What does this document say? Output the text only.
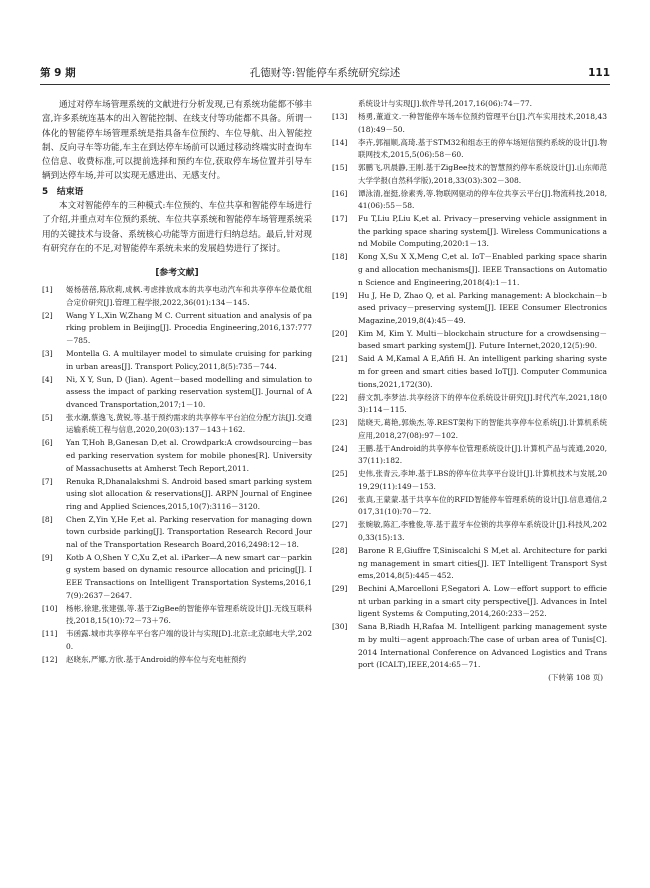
第 9 期	孔德财等:智能停车系统研究综述	111

通过对停车场管理系统的文献进行分析发现,已有系统功能都不够丰富,许多系统连基本的出入智能控制、在线支付等功能都不具备。所谓一体化的智能停车场管理系统是指具备车位预约、车位导航、出入智能控制、反向寻车等功能,车主在到达停车场前可以通过移动终端实时查询车位信息、收费标准,可以提前选择和预约车位,获取停车场位置并引导车辆到达停车场,并可以实现无感进出、无感支付。

5　结束语

本文对智能停车的三种模式:车位预约、车位共享和智能停车场进行了介绍,并重点对车位预约系统、车位共享系统和智能停车场管理系统采用的关键技术与设备、系统核心功能等方面进行归纳总结。最后,针对现有研究存在的不足,对智能停车系统未来的发展趋势进行了探讨。

[参考文献]
[1]	姬杨蓓蓓,陈欣莉,成枫.考虑排放成本的共享电动汽车和共享停车位最优组合定价研究[J].管理工程学报,2022,36(01):134－145.
[2]	Wang Y L,Xin W,Zhang M C. Current situation and analysis of parking problem in Beijing[J]. Procedia Engineering,2016,137:777－785.
[3]	Montella G. A multilayer model to simulate cruising for parking in urban areas[J]. Transport Policy,2011,8(5):735－744.
[4]	Ni, X Y, Sun, D (Jian). Agent－based modelling and simulation to assess the impact of parking reservation system[J]. Journal of Advanced Transportation,2017;1－10.
[5]	张水潮,蔡逸飞,黄锐,等.基于预约需求的共享停车平台泊位分配方法[J].交通运输系统工程与信息,2020,20(03):137－143＋162.
[6]	Yan T,Hoh B,Ganesan D,et al. Crowdpark:A crowdsourcing－based parking reservation system for mobile phones[R]. University of Massachusetts at Amherst Tech Report,2011.
[7]	Renuka R,Dhanalakshmi S. Android based smart parking system using slot allocation & reservations[J]. ARPN Journal of Engineering and Applied Sciences,2015,10(7):3116－3120.
[8]	Chen Z,Yin Y,He F,et al. Parking reservation for managing downtown curbside parking[J]. Transportation Research Record Journal of the Transportation Research Board,2016,2498:12－18.
[9]	Kotb A O,Shen Y C,Xu Z,et al. iParker—A new smart car－parking system based on dynamic resource allocation and pricing[J]. IEEE Transactions on Intelligent Transportation Systems,2016,17(9):2637－2647.
[10]	杨彬,徐建,张建强,等.基于ZigBee的智能停车管理系统设计[J].无线互联科技,2018,15(10):72－73＋76.
[11]	韦函露.城市共享停车平台客户端的设计与实现[D].北京:北京邮电大学,2020.
[12]	赵晓东,严娜,方欣.基于Android的停车位与充电桩预约
系统设计与实现[J].软件导刊,2017,16(06):74－77.
[13]	杨勇,董道文.一种智能停车场车位预约管理平台[J].汽车实用技术,2018,43(18):49－50.
[14]	李卉,郭福顺,高琦.基于STM32和组态王的停车场短信预约系统的设计[J].物联网技术,2015,5(06):58－60.
[15]	郭鹏飞,巩晨静,王刚.基于ZigBee技术的智慧预约停车系统设计[J].山东师范大学学报(自然科学版),2018,33(03):302－308.
[16]	谭泳清,崔挺,徐素秀,等.物联网驱动的停车位共享云平台[J].物流科技,2018,41(06):55－58.
[17]	Fu T,Liu P,Liu K,et al. Privacy－preserving vehicle assignment in the parking space sharing system[J]. Wireless Communications and Mobile Computing,2020:1－13.
[18]	Kong X,Su X X,Meng C,et al. IoT－Enabled parking space sharing and allocation mechanisms[J]. IEEE Transactions on Automation Science and Engineering,2018(4):1－11.
[19]	Hu J, He D, Zhao Q, et al. Parking management: A blockchain－based privacy－preserving system[J]. IEEE Consumer Electronics Magazine,2019,8(4):45－49.
[20]	Kim M, Kim Y. Multi－blockchain structure for a crowdsensing－based smart parking system[J]. Future Internet,2020,12(5):90.
[21]	Said A M,Kamal A E,Afifi H. An intelligent parking sharing system for green and smart cities based IoT[J]. Computer Communications,2021,172(30).
[22]	薛文凯,李梦洁.共享经济下的停车位系统设计研究[J].时代汽车,2021,18(03):114－115.
[23]	陆晓天,葛艳,郭焕杰,等.REST架构下的智能共享停车位系统[J].计算机系统应用,2018,27(08):97－102.
[24]	王鹏.基于Android的共享停车位管理系统设计[J].计算机产品与流通,2020,37(11):182.
[25]	史伟,张青云,李坤.基于LBS的停车位共享平台设计[J].计算机技术与发展,2019,29(11):149－153.
[26]	张真,王蒙蒙.基于共享车位的RFID智能停车管理系统的设计[J].信息通信,2017,31(10):70－72.
[27]	张婉敏,陈汇,李雅俊,等.基于蓝牙车位锁的共享停车系统设计[J].科技风,2020,33(15):13.
[28]	Barone R E,Giuffre T,Siniscalchi S M,et al. Architecture for parking management in smart cities[J]. IET Intelligent Transport Systems,2014,8(5):445－452.
[29]	Bechini A,Marcelloni F,Segatori A. Low－effort support to efficient urban parking in a smart city perspective[J]. Advances in Intelligent Systems & Computing,2014,260:233－252.
[30]	Sana B,Riadh H,Rafaa M. Intelligent parking management system by multi－agent approach:The case of urban area of Tunis[C]. 2014 International Conference on Advanced Logistics and Transport (ICALT),IEEE,2014:65－71.
(下转第 108 页)
